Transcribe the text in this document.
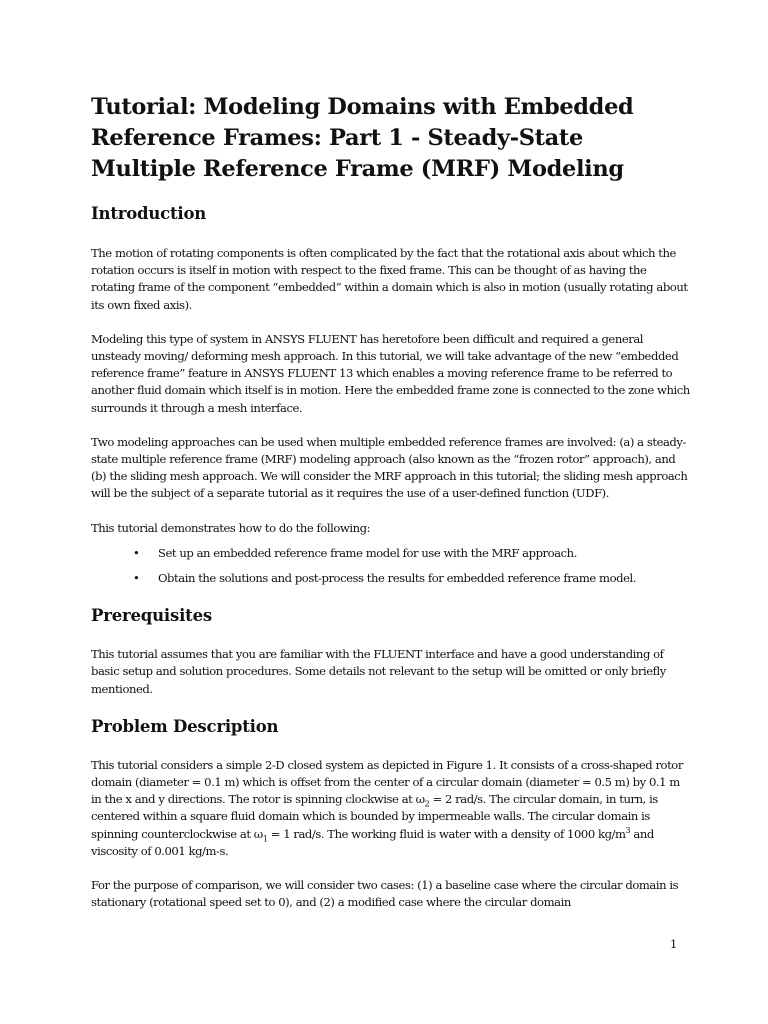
Tutorial: Modeling Domains with Embedded Reference Frames: Part 1 - Steady-State Multiple Reference Frame (MRF) Modeling
Introduction

The motion of rotating components is often complicated by the fact that the rotational axis about which the rotation occurs is itself in motion with respect to the fixed frame. This can be thought of as having the rotating frame of the component “embedded” within a domain which is also in motion (usually rotating about its own fixed axis).

Modeling this type of system in ANSYS FLUENT has heretofore been difficult and required a general unsteady moving/ deforming mesh approach. In this tutorial, we will take advantage of the new “embedded reference frame” feature in ANSYS FLUENT 13 which enables a moving reference frame to be referred to another fluid domain which itself is in motion. Here the embedded frame zone is connected to the zone which surrounds it through a mesh interface.

Two modeling approaches can be used when multiple embedded reference frames are involved: (a) a steady-state multiple reference frame (MRF) modeling approach (also known as the “frozen rotor” approach), and (b) the sliding mesh approach. We will consider the MRF approach in this tutorial; the sliding mesh approach will be the subject of a separate tutorial as it requires the use of a user-defined function (UDF).

This tutorial demonstrates how to do the following:

• Set up an embedded reference frame model for use with the MRF approach.
• Obtain the solutions and post-process the results for embedded reference frame model.
Prerequisites

This tutorial assumes that you are familiar with the FLUENT interface and have a good understanding of basic setup and solution procedures. Some details not relevant to the setup will be omitted or only briefly mentioned.

Problem Description

This tutorial considers a simple 2-D closed system as depicted in Figure 1. It consists of a cross-shaped rotor domain (diameter = 0.1 m) which is offset from the center of a circular domain (diameter = 0.5 m) by 0.1 m in the x and y directions. The rotor is spinning clockwise at $\omega_2 = 2$ rad/s. The circular domain, in turn, is centered within a square fluid domain which is bounded by impermeable walls. The circular domain is spinning counterclockwise at $\omega_1 = 1$ rad/s. The working fluid is water with a density of 1000 $kg/m^3$ and viscosity of 0.001 kg/m-s.

For the purpose of comparison, we will consider two cases: (1) a baseline case where the circular domain is stationary (rotational speed set to 0), and (2) a modified case where the circular domain

1
